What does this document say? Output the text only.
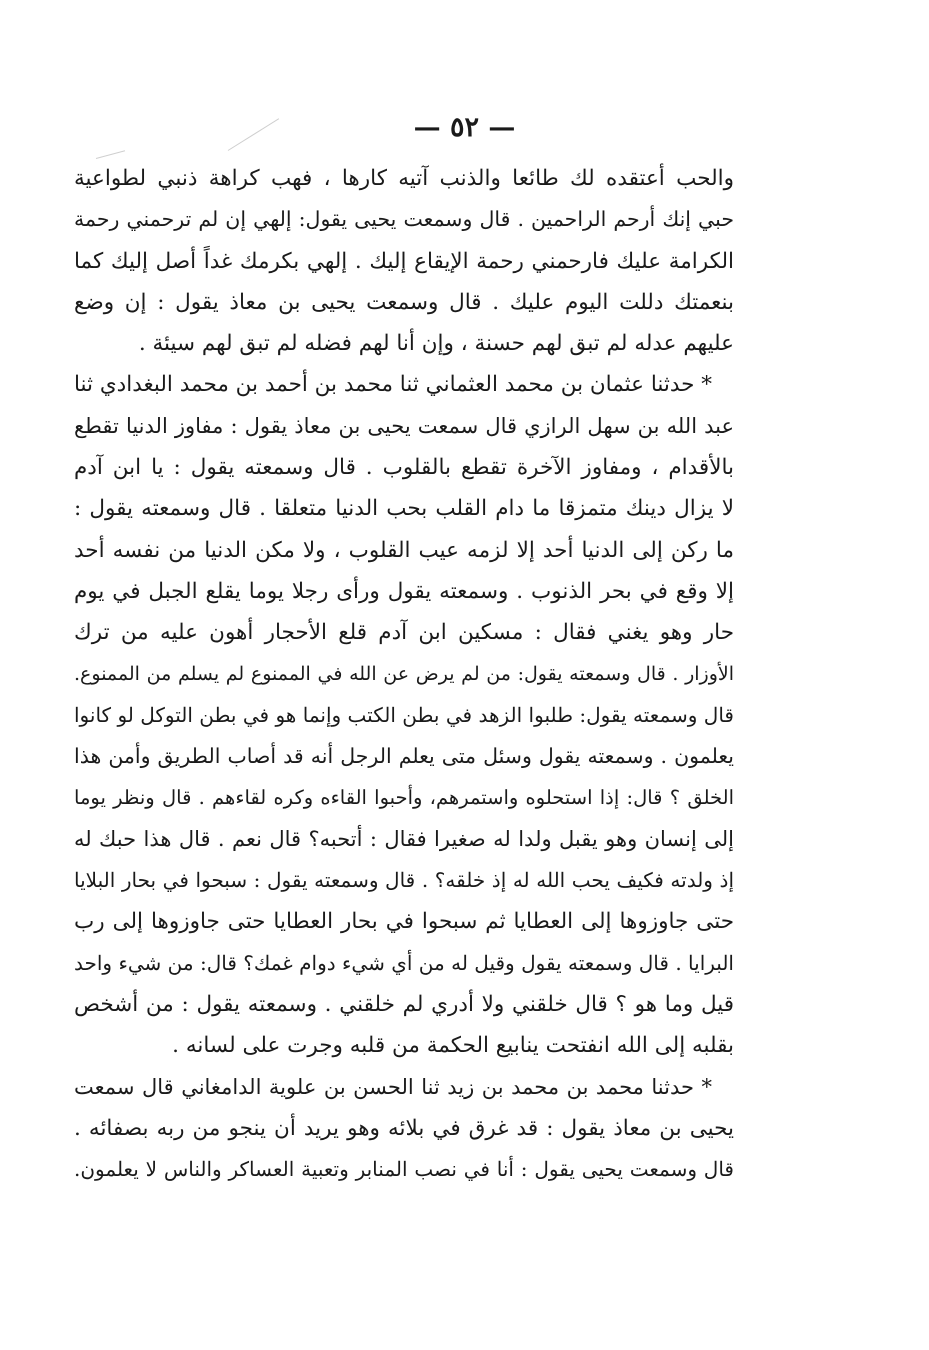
— ٥٢ —
والحب أعتقده لك طائعا والذنب آتيه كارها ، فهب كراهة ذنبي لطواعية
حبي إنك أرحم الراحمين . قال وسمعت يحيى يقول: إلهي إن لم ترحمني رحمة
الكرامة عليك فارحمني رحمة الإيقاع إليك . إلهي بكرمك غداً أصل إليك كما
بنعمتك دللت اليوم عليك . قال وسمعت يحيى بن معاذ يقول : إن وضع
عليهم عدله لم تبق لهم حسنة ، وإن أنا لهم فضله لم تبق لهم سيئة .
* حدثنا عثمان بن محمد العثماني ثنا محمد بن أحمد بن محمد البغدادي ثنا
عبد الله بن سهل الرازي قال سمعت يحيى بن معاذ يقول : مفاوز الدنيا تقطع
بالأقدام ، ومفاوز الآخرة تقطع بالقلوب . قال وسمعته يقول : يا ابن آدم
لا يزال دينك متمزقا ما دام القلب بحب الدنيا متعلقا . قال وسمعته يقول :
ما ركن إلى الدنيا أحد إلا لزمه عيب القلوب ، ولا مكن الدنيا من نفسه أحد
إلا وقع في بحر الذنوب . وسمعته يقول ورأى رجلا يوما يقلع الجبل في يوم
حار وهو يغني فقال : مسكين ابن آدم قلع الأحجار أهون عليه من ترك
الأوزار . قال وسمعته يقول: من لم يرض عن الله في الممنوع لم يسلم من الممنوع.
قال وسمعته يقول: طلبوا الزهد في بطن الكتب وإنما هو في بطن التوكل لو كانوا
يعلمون . وسمعته يقول وسئل متى يعلم الرجل أنه قد أصاب الطريق وأمن هذا
الخلق ؟ قال: إذا استحلوه واستمرهم، وأحبوا القاءه وكره لقاءهم . قال ونظر يوما
إلى إنسان وهو يقبل ولدا له صغيرا فقال : أتحبه؟ قال نعم . قال هذا حبك له
إذ ولدته فكيف يحب الله له إذ خلقه؟ . قال وسمعته يقول : سبحوا في بحار البلايا
حتى جاوزوها إلى العطايا ثم سبحوا في بحار العطايا حتى جاوزوها إلى رب
البرايا . قال وسمعته يقول وقيل له من أي شيء دوام غمك؟ قال: من شيء واحد
قيل وما هو ؟ قال خلقني ولا أدري لم خلقني . وسمعته يقول : من أشخص
بقلبه إلى الله انفتحت ينابيع الحكمة من قلبه وجرت على لسانه .
* حدثنا محمد بن محمد بن زيد ثنا الحسن بن علوية الدامغاني قال سمعت
يحيى بن معاذ يقول : قد غرق في بلائه وهو يريد أن ينجو من ربه بصفائه .
قال وسمعت يحيى يقول : أنا في نصب المنابر وتعبية العساكر والناس لا يعلمون.
